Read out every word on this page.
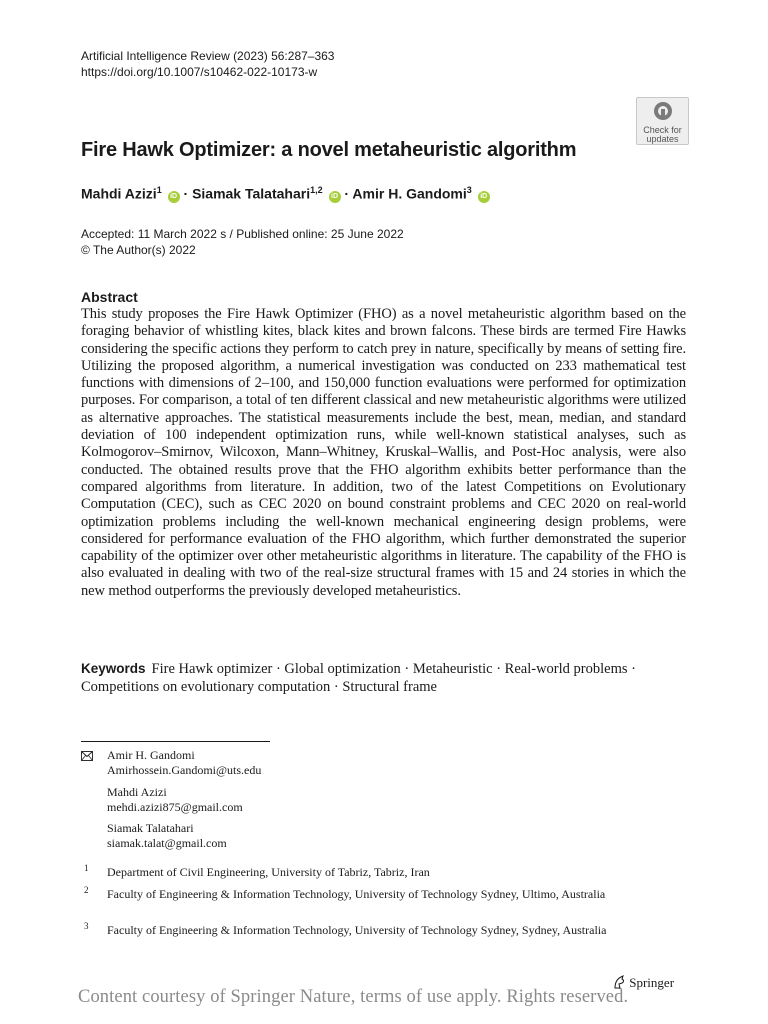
Artificial Intelligence Review (2023) 56:287–363
https://doi.org/10.1007/s10462-022-10173-w
Check for
updates
Fire Hawk Optimizer: a novel metaheuristic algorithm
Mahdi Azizi$^1$ iD · Siamak Talatahari$^{1,2}$ iD · Amir H. Gandomi$^3$ iD
Accepted: 11 March 2022 s / Published online: 25 June 2022
© The Author(s) 2022
Abstract
This study proposes the Fire Hawk Optimizer (FHO) as a novel metaheuristic algorithm based on the foraging behavior of whistling kites, black kites and brown falcons. These birds are termed Fire Hawks considering the specific actions they perform to catch prey in nature, specifically by means of setting fire. Utilizing the proposed algorithm, a numerical investigation was conducted on 233 mathematical test functions with dimensions of 2–100, and 150,000 function evaluations were performed for optimization purposes. For comparison, a total of ten different classical and new metaheuristic algorithms were utilized as alternative approaches. The statistical measurements include the best, mean, median, and standard deviation of 100 independent optimization runs, while well-known statistical analyses, such as Kolmogorov–Smirnov, Wilcoxon, Mann–Whitney, Kruskal–Wallis, and Post-Hoc analysis, were also conducted. The obtained results prove that the FHO algorithm exhibits better performance than the compared algorithms from literature. In addition, two of the latest Competitions on Evolutionary Computation (CEC), such as CEC 2020 on bound constraint problems and CEC 2020 on real-world optimization problems including the well-known mechanical engineering design problems, were considered for performance evaluation of the FHO algorithm, which further demonstrated the superior capability of the optimizer over other metaheuristic algorithms in literature. The capability of the FHO is also evaluated in dealing with two of the real-size structural frames with 15 and 24 stories in which the new method outperforms the previously developed metaheuristics.
Keywords Fire Hawk optimizer · Global optimization · Metaheuristic · Real-world problems · Competitions on evolutionary computation · Structural frame
Amir H. Gandomi
Amirhossein.Gandomi@uts.edu
Mahdi Azizi
mehdi.azizi875@gmail.com
Siamak Talatahari
siamak.talat@gmail.com
1 Department of Civil Engineering, University of Tabriz, Tabriz, Iran
2 Faculty of Engineering & Information Technology, University of Technology Sydney, Ultimo, Australia
3 Faculty of Engineering & Information Technology, University of Technology Sydney, Sydney, Australia
Springer
Content courtesy of Springer Nature, terms of use apply. Rights reserved.
